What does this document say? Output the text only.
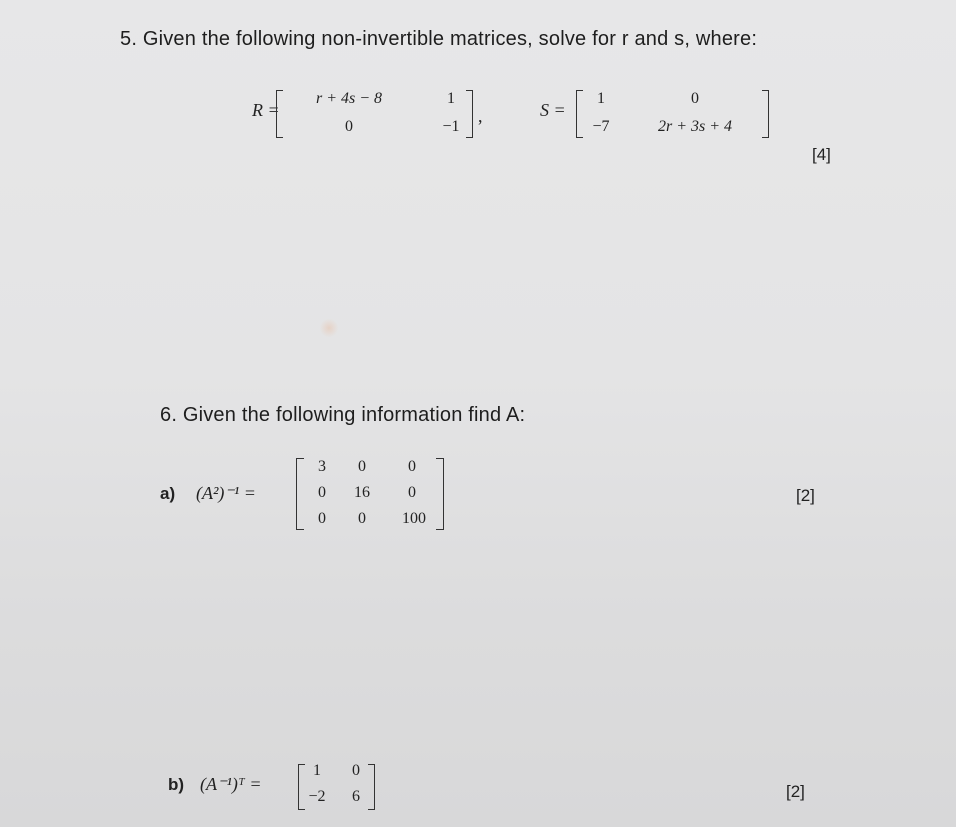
5. Given the following non-invertible matrices, solve for r and s, where:
R =
r + 4s − 8	1
0	−1
,	S =
1	0
−7	2r + 3s + 4
[4]
6. Given the following information find A:
a) (A²)⁻¹ =
3	0	0
0	16	0
0	0	100
[2]
b) (A⁻¹)ᵀ =
1	0
−2	6	[2]
